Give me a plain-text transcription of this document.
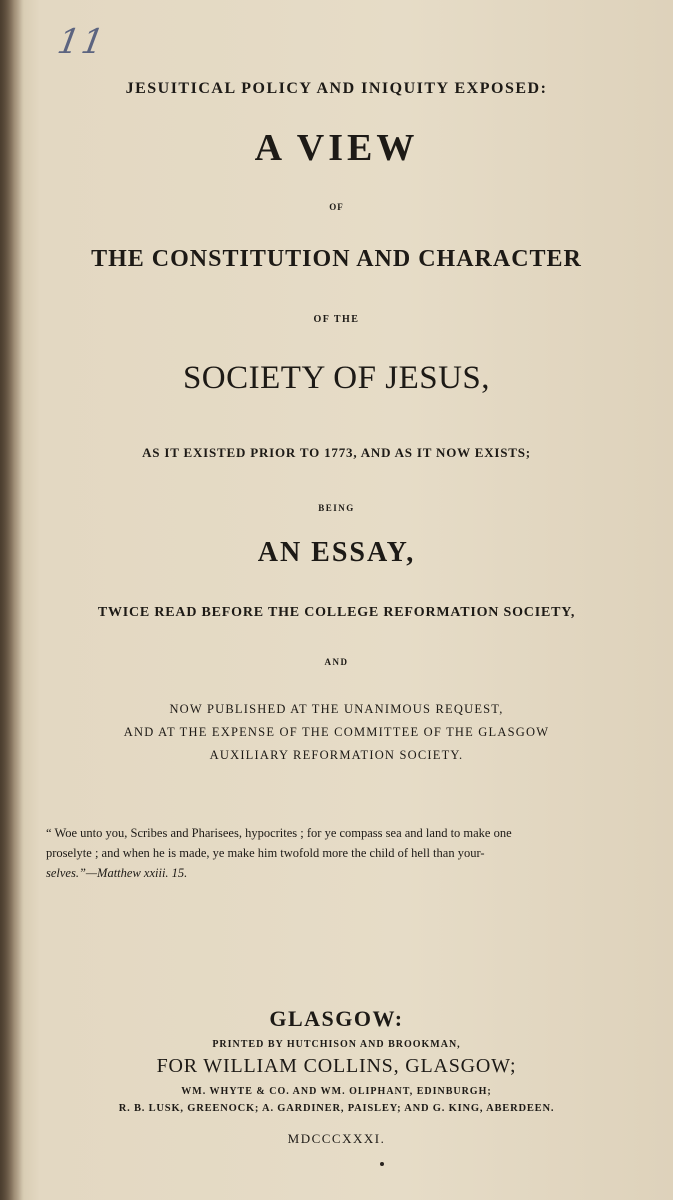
11
JESUITICAL POLICY AND INIQUITY EXPOSED:
A VIEW
OF
THE CONSTITUTION AND CHARACTER
OF THE
SOCIETY OF JESUS,
AS IT EXISTED PRIOR TO 1773, AND AS IT NOW EXISTS;
BEING
AN ESSAY,
TWICE READ BEFORE THE COLLEGE REFORMATION SOCIETY,
AND
NOW PUBLISHED AT THE UNANIMOUS REQUEST,
AND AT THE EXPENSE OF THE COMMITTEE OF THE GLASGOW
AUXILIARY REFORMATION SOCIETY.
“ Woe unto you, Scribes and Pharisees, hypocrites ; for ye compass sea and land to make one
proselyte ; and when he is made, ye make him twofold more the child of hell than your-
selves.”—Matthew xxiii. 15.
GLASGOW:
PRINTED BY HUTCHISON AND BROOKMAN,
FOR WILLIAM COLLINS, GLASGOW;
WM. WHYTE & CO. AND WM. OLIPHANT, EDINBURGH;
R. B. LUSK, GREENOCK; A. GARDINER, PAISLEY; AND G. KING, ABERDEEN.
MDCCCXXXI.
